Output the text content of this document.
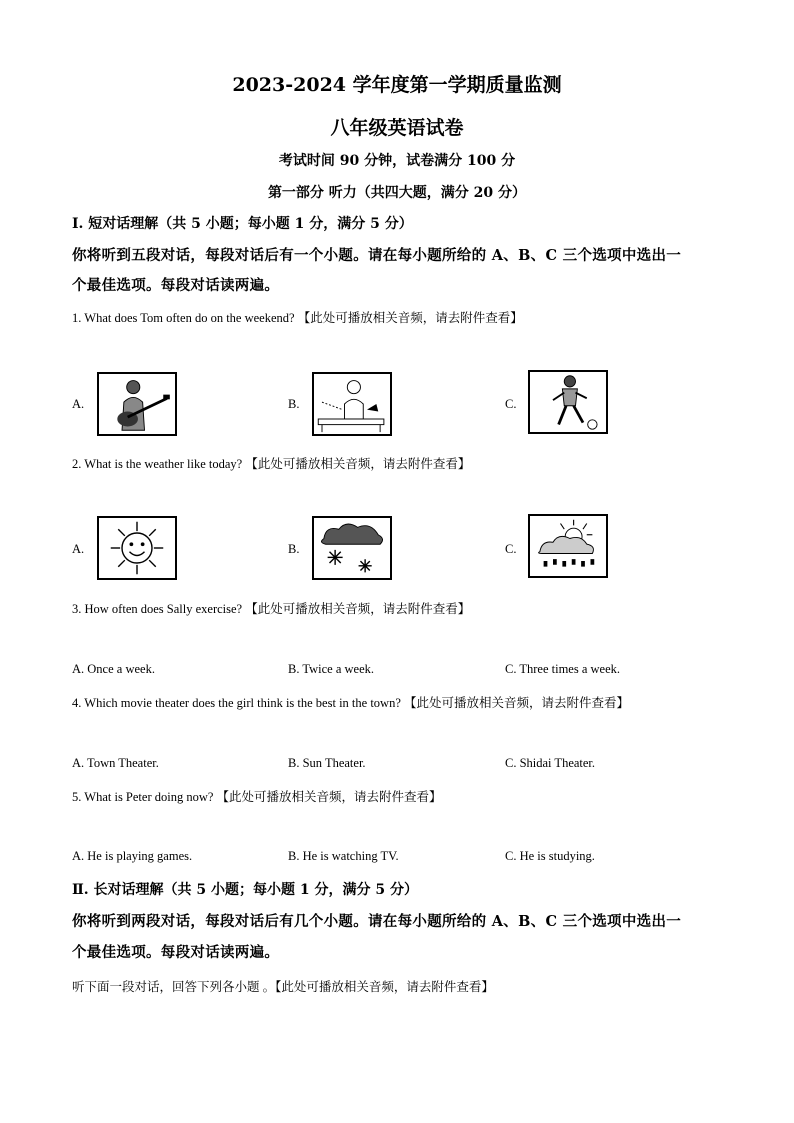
2023-2024 学年度第一学期质量监测
八年级英语试卷
考试时间 90 分钟，试卷满分 100 分
第一部分 听力（共四大题，满分 20 分）
I. 短对话理解（共 5 小题；每小题 1 分，满分 5 分）
你将听到五段对话，每段对话后有一个小题。请在每小题所给的 A、B、C 三个选项中选出一
个最佳选项。每段对话读两遍。
1. What does Tom often do on the weekend? 【此处可播放相关音频，请去附件查看】
A.	B.	C.
2. What is the weather like today? 【此处可播放相关音频，请去附件查看】
A.	B.	C.
3. How often does Sally exercise? 【此处可播放相关音频，请去附件查看】
A. Once a week.	B. Twice a week.	C. Three times a week.
4. Which movie theater does the girl think is the best in the town? 【此处可播放相关音频，请去附件查看】
A. Town Theater.	B. Sun Theater.	C. Shidai Theater.
5. What is Peter doing now? 【此处可播放相关音频，请去附件查看】
A. He is playing games.	B. He is watching TV.	C. He is studying.
Ⅱ. 长对话理解（共 5 小题；每小题 1 分，满分 5 分）
你将听到两段对话，每段对话后有几个小题。请在每小题所给的 A、B、C 三个选项中选出一
个最佳选项。每段对话读两遍。
听下面一段对话，回答下列各小题 。【此处可播放相关音频，请去附件查看】
